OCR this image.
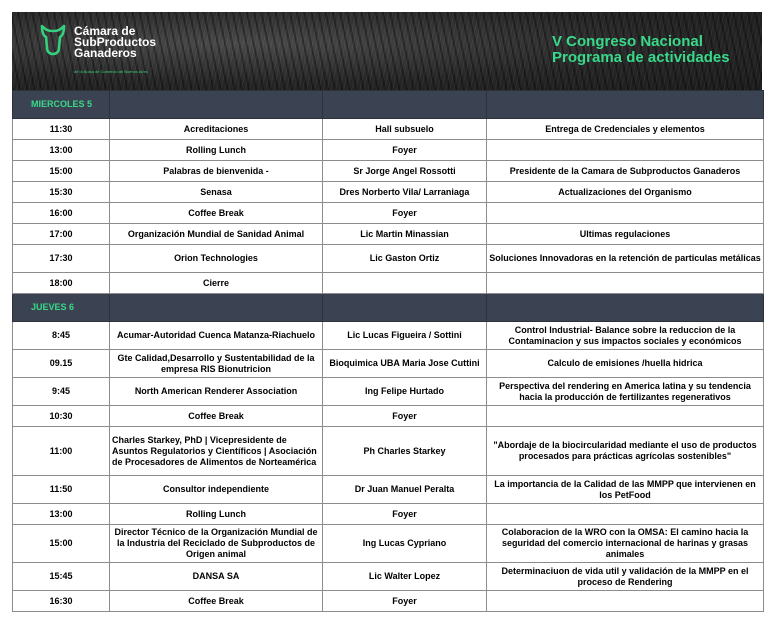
Cámara de
SubProductos
Ganaderos
de la Bolsa de Comercio de Buenos Aires
V Congreso Nacional
Programa de actividades
MIERCOLES 5			
11:30	Acreditaciones	Hall subsuelo	Entrega de Credenciales y elementos
13:00	Rolling Lunch	Foyer	
15:00	Palabras de bienvenida -	Sr Jorge Angel Rossotti	Presidente de la Camara de Subproductos Ganaderos
15:30	Senasa	Dres Norberto Vila/ Larraniaga	Actualizaciones del Organismo
16:00	Coffee Break	Foyer	
17:00	Organización Mundial de Sanidad Animal	Lic Martin Minassian	Ultimas regulaciones
17:30	Orion Technologies	Lic Gaston Ortiz	Soluciones Innovadoras en la retención de particulas metálicas
18:00	Cierre		
JUEVES 6			
8:45	Acumar-Autoridad Cuenca Matanza-Riachuelo	Lic Lucas Figueira / Sottini	Control Industrial- Balance sobre la reduccion de la Contaminacion y sus impactos sociales y económicos
09.15	Gte Calidad,Desarrollo y Sustentabilidad de la empresa RIS Bionutricion	Bioquimica UBA Maria Jose Cuttini	Calculo de emisiones /huella hidrica
9:45	North American Renderer Association	Ing Felipe Hurtado	Perspectiva del rendering en America latina y su tendencia hacia la producción de fertilizantes regenerativos
10:30	Coffee Break	Foyer	
11:00	Charles Starkey, PhD | Vicepresidente de Asuntos Regulatorios y Científicos | Asociación de Procesadores de Alimentos de Norteamérica	Ph Charles Starkey	"Abordaje de la biocircularidad mediante el uso de productos procesados para prácticas agrícolas sostenibles"
11:50	Consultor independiente	Dr Juan Manuel Peralta	La importancia de la Calidad de las MMPP que intervienen en los PetFood
13:00	Rolling Lunch	Foyer	
15:00	Director Técnico de la Organización Mundial de la Industria del Reciclado de Subproductos de Origen animal	Ing Lucas Cypriano	Colaboracion de la WRO con la OMSA: El camino hacia la seguridad del comercio internacional de harinas y grasas animales
15:45	DANSA SA	Lic Walter Lopez	Determinaciuon de vida util y validación de la MMPP en el proceso de Rendering
16:30	Coffee Break	Foyer	
